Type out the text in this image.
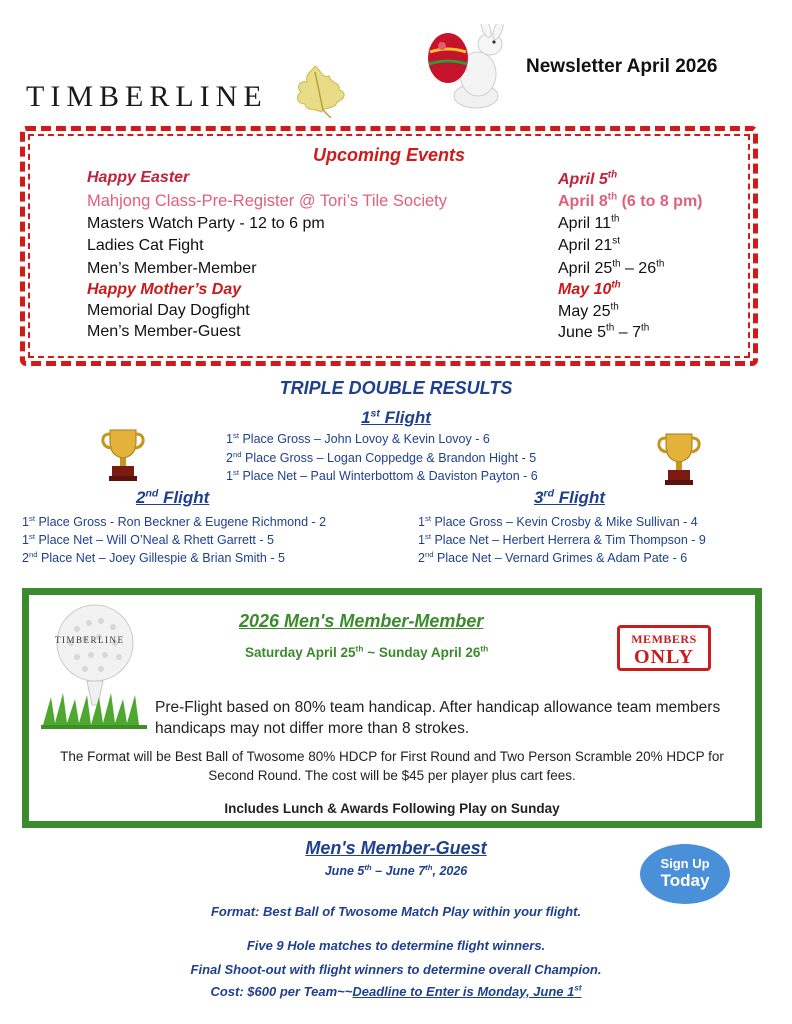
TIMBERLINE
Newsletter April 2026
Upcoming Events
Happy Easter	April 5th
Mahjong Class-Pre-Register @ Tori’s Tile Society	April 8th (6 to 8 pm)
Masters Watch Party - 12 to 6 pm	April 11th
Ladies Cat Fight	April 21st
Men’s Member-Member	April 25th – 26th
Happy Mother’s Day	May 10th
Memorial Day Dogfight	May 25th
Men’s Member-Guest	June 5th – 7th
TRIPLE DOUBLE RESULTS
1st Flight
1st Place Gross – John Lovoy & Kevin Lovoy - 6
2nd Place Gross – Logan Coppedge & Brandon Hight - 5
1st Place Net – Paul Winterbottom & Daviston Payton - 6
2nd Flight	3rd Flight
1st Place Gross - Ron Beckner & Eugene Richmond - 2
1st Place Net – Will O’Neal & Rhett Garrett - 5
2nd Place Net – Joey Gillespie & Brian Smith - 5
1st Place Gross – Kevin Crosby & Mike Sullivan - 4
1st Place Net – Herbert Herrera & Tim Thompson - 9
2nd Place Net – Vernard Grimes & Adam Pate - 6
TIMBERLINE
2026 Men's Member-Member
Saturday April 25th ~ Sunday April 26th
MEMBERS
ONLY
Pre-Flight based on 80% team handicap. After handicap allowance team members handicaps may not differ more than 8 strokes.
The Format will be Best Ball of Twosome 80% HDCP for First Round and Two Person Scramble 20% HDCP for Second Round. The cost will be $45 per player plus cart fees.
Includes Lunch & Awards Following Play on Sunday
Men's Member-Guest
June 5th – June 7th, 2026	Sign Up
Today
Format: Best Ball of Twosome Match Play within your flight.
Five 9 Hole matches to determine flight winners.
Final Shoot-out with flight winners to determine overall Champion.
Cost: $600 per Team~~Deadline to Enter is Monday, June 1st
